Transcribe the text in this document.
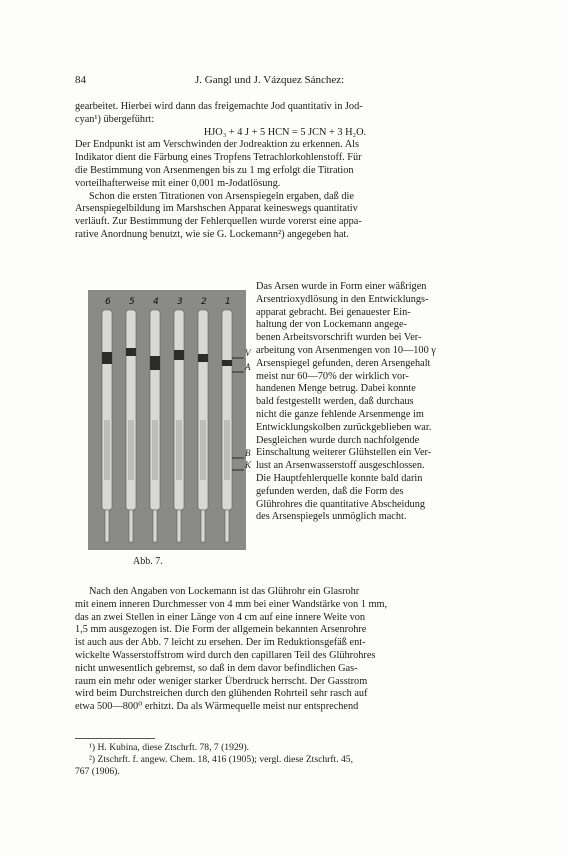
84	J. Gangl und J. Vázquez Sánchez:

gearbeitet. Hierbei wird dann das freigemachte Jod quantitativ in Jod-

cyan¹) übergeführt:

HJO₃ + 4 J + 5 HCN = 5 JCN + 3 H₂O.

Der Endpunkt ist am Verschwinden der Jodreaktion zu erkennen. Als

Indikator dient die Färbung eines Tropfens Tetrachlorkohlenstoff. Für

die Bestimmung von Arsenmengen bis zu 1 mg erfolgt die Titration

vorteilhafterweise mit einer 0,001 m-Jodatlösung.

Schon die ersten Titrationen von Arsenspiegeln ergaben, daß die

Arsenspiegelbildung im Marshschen Apparat keineswegs quantitativ

verläuft. Zur Bestimmung der Fehlerquellen wurde vorerst eine appa-

rative Anordnung benutzt, wie sie G. Lockemann²) angegeben hat.

6 5 4 3 2 1
V
A
B
K
Abb. 7.

Das Arsen wurde in Form einer wäßrigen

Arsentrioxydlösung in den Entwicklungs-

apparat gebracht. Bei genauester Ein-

haltung der von Lockemann angege-

benen Arbeitsvorschrift wurden bei Ver-

arbeitung von Arsenmengen von 10—100 γ

Arsenspiegel gefunden, deren Arsengehalt

meist nur 60—70% der wirklich vor-

handenen Menge betrug. Dabei konnte

bald festgestellt werden, daß durchaus

nicht die ganze fehlende Arsenmenge im

Entwicklungskolben zurückgeblieben war.

Desgleichen wurde durch nachfolgende

Einschaltung weiterer Glühstellen ein Ver-

lust an Arsenwasserstoff ausgeschlossen.

Die Hauptfehlerquelle konnte bald darin

gefunden werden, daß die Form des

Glührohres die quantitative Abscheidung

des Arsenspiegels unmöglich macht.

Nach den Angaben von Lockemann ist das Glührohr ein Glasrohr

mit einem inneren Durchmesser von 4 mm bei einer Wandstärke von 1 mm,

das an zwei Stellen in einer Länge von 4 cm auf eine innere Weite von

1,5 mm ausgezogen ist. Die Form der allgemein bekannten Arsenrohre

ist auch aus der Abb. 7 leicht zu ersehen. Der im Reduktionsgefäß ent-

wickelte Wasserstoffstrom wird durch den capillaren Teil des Glührohres

nicht unwesentlich gebremst, so daß in dem davor befindlichen Gas-

raum ein mehr oder weniger starker Überdruck herrscht. Der Gasstrom

wird beim Durchstreichen durch den glühenden Rohrteil sehr rasch auf

etwa 500—800⁰ erhitzt. Da als Wärmequelle meist nur entsprechend

¹) H. Kubina, diese Ztschrft. 78, 7 (1929).

²) Ztschrft. f. angew. Chem. 18, 416 (1905); vergl. diese Ztschrft. 45,

767 (1906).
